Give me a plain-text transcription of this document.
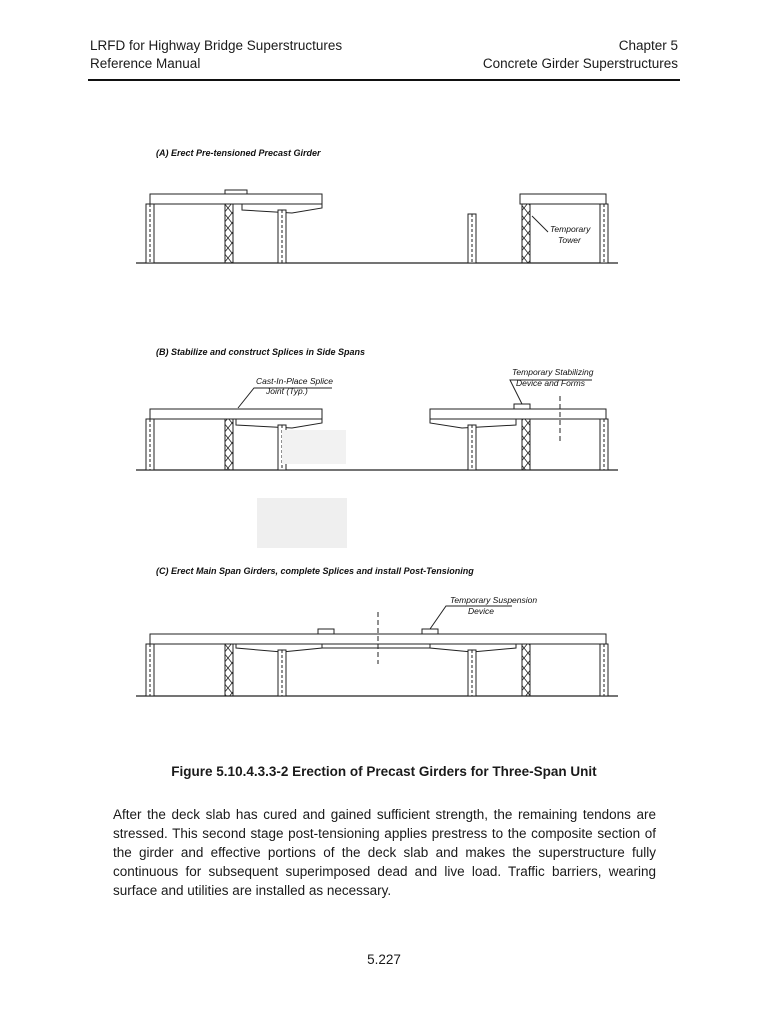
LRFD for Highway Bridge Superstructures
Reference Manual
Chapter 5
Concrete Girder Superstructures
(A) Erect Pre-tensioned Precast Girder
Temporary
Tower
(B) Stabilize and construct Splices in Side Spans
Cast-In-Place Splice
Joint (Typ.)
Temporary Stabilizing
Device and Forms
(C) Erect Main Span Girders, complete Splices and install Post-Tensioning
Temporary Suspension
Device
Figure 5.10.4.3.3-2 Erection of Precast Girders for Three-Span Unit
After the deck slab has cured and gained sufficient strength, the remaining tendons are stressed. This second stage post-tensioning applies prestress to the composite section of the girder and effective portions of the deck slab and makes the superstructure fully continuous for subsequent superimposed dead and live load. Traffic barriers, wearing surface and utilities are installed as necessary.
5.227
